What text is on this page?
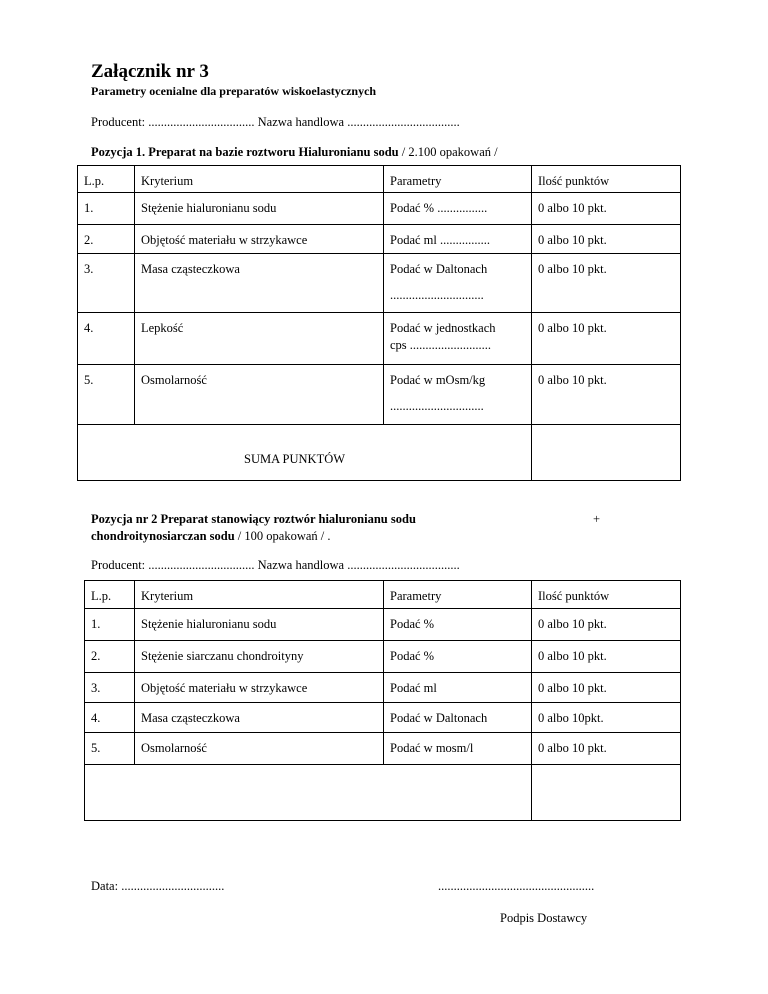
Załącznik nr 3
Parametry ocenialne dla preparatów wiskoelastycznych
Producent: .................................. Nazwa handlowa ....................................
Pozycja 1. Preparat na bazie roztworu Hialuronianu sodu / 2.100 opakowań /
L.p.	Kryterium	Parametry	Ilość punktów
1.	Stężenie hialuronianu sodu	Podać % ................	0 albo 10 pkt.
2.	Objętość materiału w strzykawce	Podać ml ................	0 albo 10 pkt.
3.	Masa cząsteczkowa	Podać w Daltonach
..............................	0 albo 10 pkt.
4.	Lepkość	Podać w jednostkach
cps ..........................	0 albo 10 pkt.
5.	Osmolarność	Podać w mOsm/kg
..............................	0 albo 10 pkt.

SUMA PUNKTÓW
Pozycja nr 2 Preparat stanowiący roztwór hialuronianu sodu	+
chondroitynosiarczan sodu / 100 opakowań / .
Producent: .................................. Nazwa handlowa ....................................
L.p.	Kryterium	Parametry	Ilość punktów
1.	Stężenie hialuronianu sodu	Podać %	0 albo 10 pkt.
2.	Stężenie siarczanu chondroityny	Podać %	0 albo 10 pkt.
3.	Objętość materiału w strzykawce	Podać ml	0 albo 10 pkt.
4.	Masa cząsteczkowa	Podać w Daltonach	0 albo 10pkt.
5.	Osmolarność	Podać w mosm/l	0 albo 10 pkt.

Data: .................................	..................................................
Podpis Dostawcy
